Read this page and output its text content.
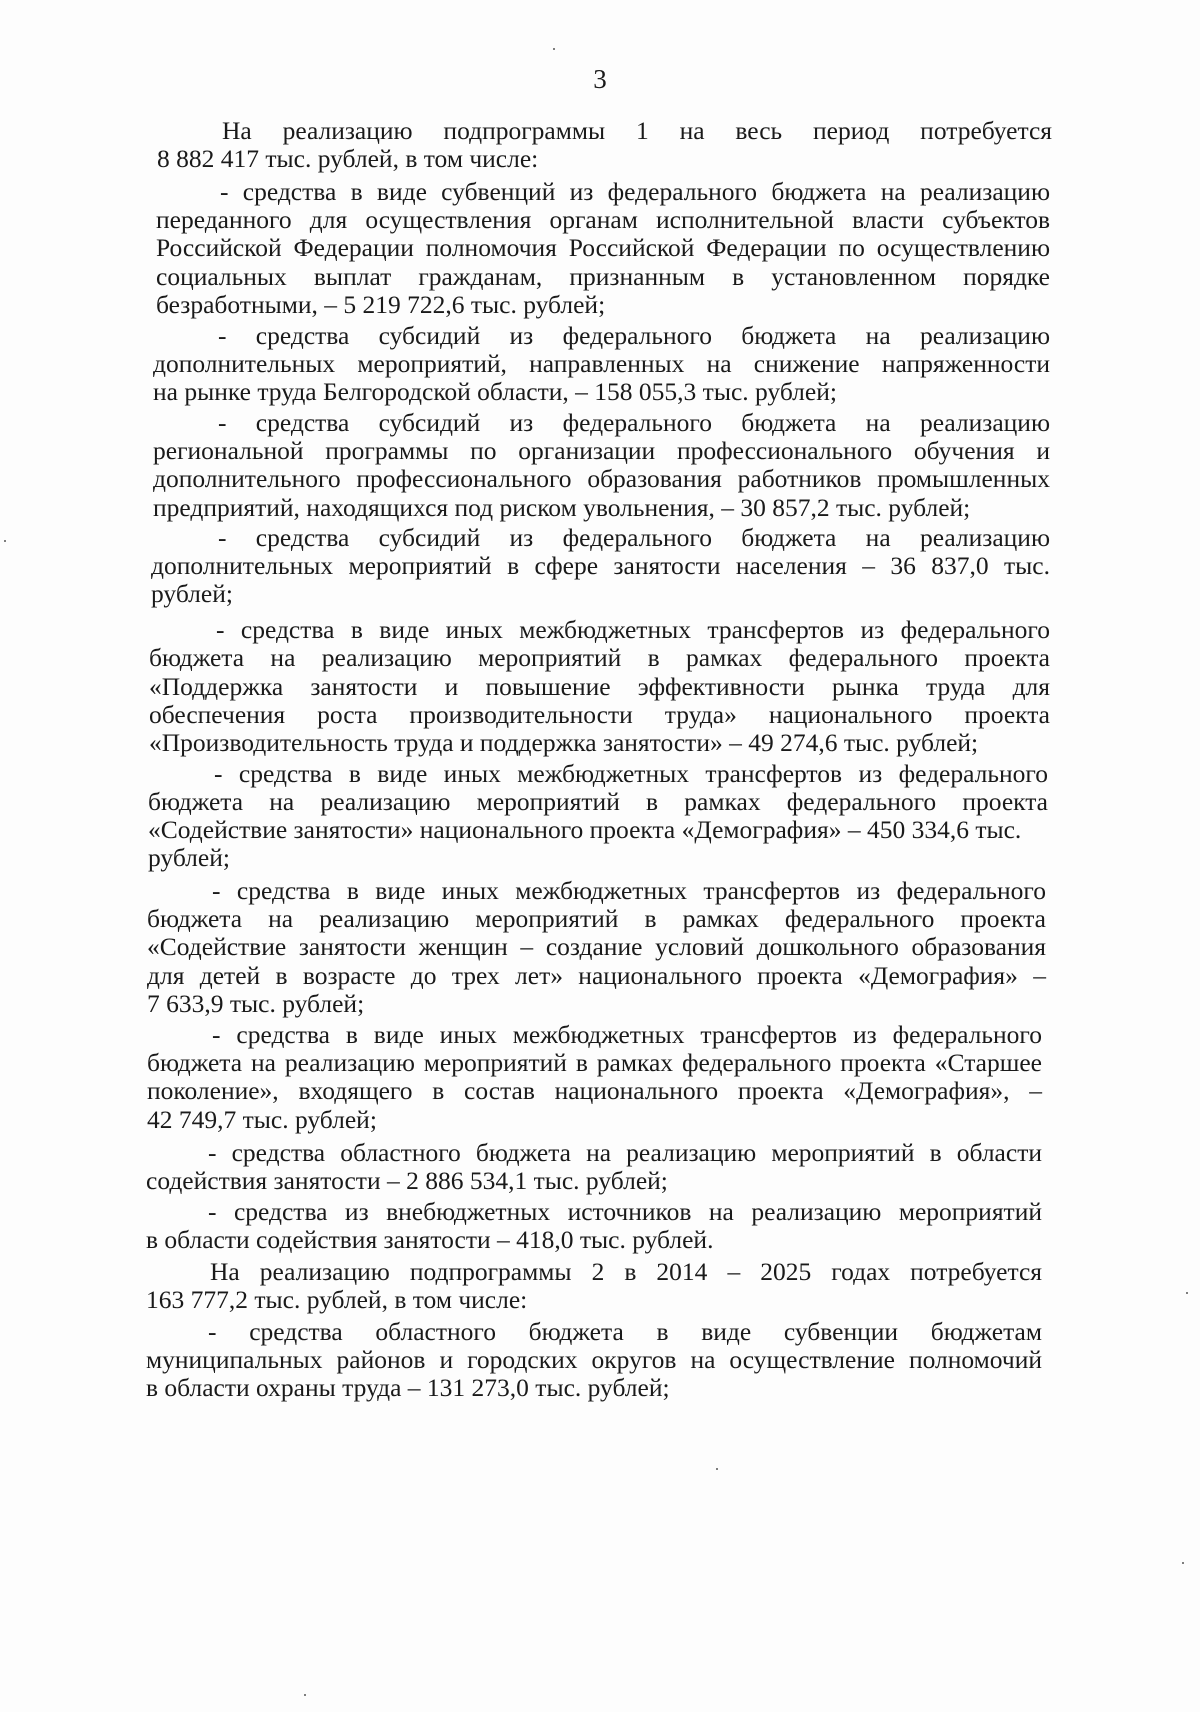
3
На реализацию подпрограммы 1 на весь период потребуется
8 882 417 тыс. рублей, в том числе:
- средства в виде субвенций из федерального бюджета на реализацию
переданного для осуществления органам исполнительной власти субъектов
Российской Федерации полномочия Российской Федерации по осуществлению
социальных выплат гражданам, признанным в установленном порядке
безработными, – 5 219 722,6 тыс. рублей;
- средства субсидий из федерального бюджета на реализацию
дополнительных мероприятий, направленных на снижение напряженности
на рынке труда Белгородской области, – 158 055,3 тыс. рублей;
- средства субсидий из федерального бюджета на реализацию
региональной программы по организации профессионального обучения и
дополнительного профессионального образования работников промышленных
предприятий, находящихся под риском увольнения, – 30 857,2 тыс. рублей;
- средства субсидий из федерального бюджета на реализацию
дополнительных мероприятий в сфере занятости населения – 36 837,0 тыс.
рублей;
- средства в виде иных межбюджетных трансфертов из федерального
бюджета на реализацию мероприятий в рамках федерального проекта
«Поддержка занятости и повышение эффективности рынка труда для
обеспечения роста производительности труда» национального проекта
«Производительность труда и поддержка занятости» – 49 274,6 тыс. рублей;
- средства в виде иных межбюджетных трансфертов из федерального
бюджета на реализацию мероприятий в рамках федерального проекта
«Содействие занятости» национального проекта «Демография» – 450 334,6 тыс.
рублей;
- средства в виде иных межбюджетных трансфертов из федерального
бюджета на реализацию мероприятий в рамках федерального проекта
«Содействие занятости женщин – создание условий дошкольного образования
для детей в возрасте до трех лет» национального проекта «Демография» –
7 633,9 тыс. рублей;
- средства в виде иных межбюджетных трансфертов из федерального
бюджета на реализацию мероприятий в рамках федерального проекта «Старшее
поколение», входящего в состав национального проекта «Демография», –
42 749,7 тыс. рублей;
- средства областного бюджета на реализацию мероприятий в области
содействия занятости – 2 886 534,1 тыс. рублей;
- средства из внебюджетных источников на реализацию мероприятий
в области содействия занятости – 418,0 тыс. рублей.
На реализацию подпрограммы 2 в 2014 – 2025 годах потребуется
163 777,2 тыс. рублей, в том числе:
- средства областного бюджета в виде субвенции бюджетам
муниципальных районов и городских округов на осуществление полномочий
в области охраны труда – 131 273,0 тыс. рублей;
